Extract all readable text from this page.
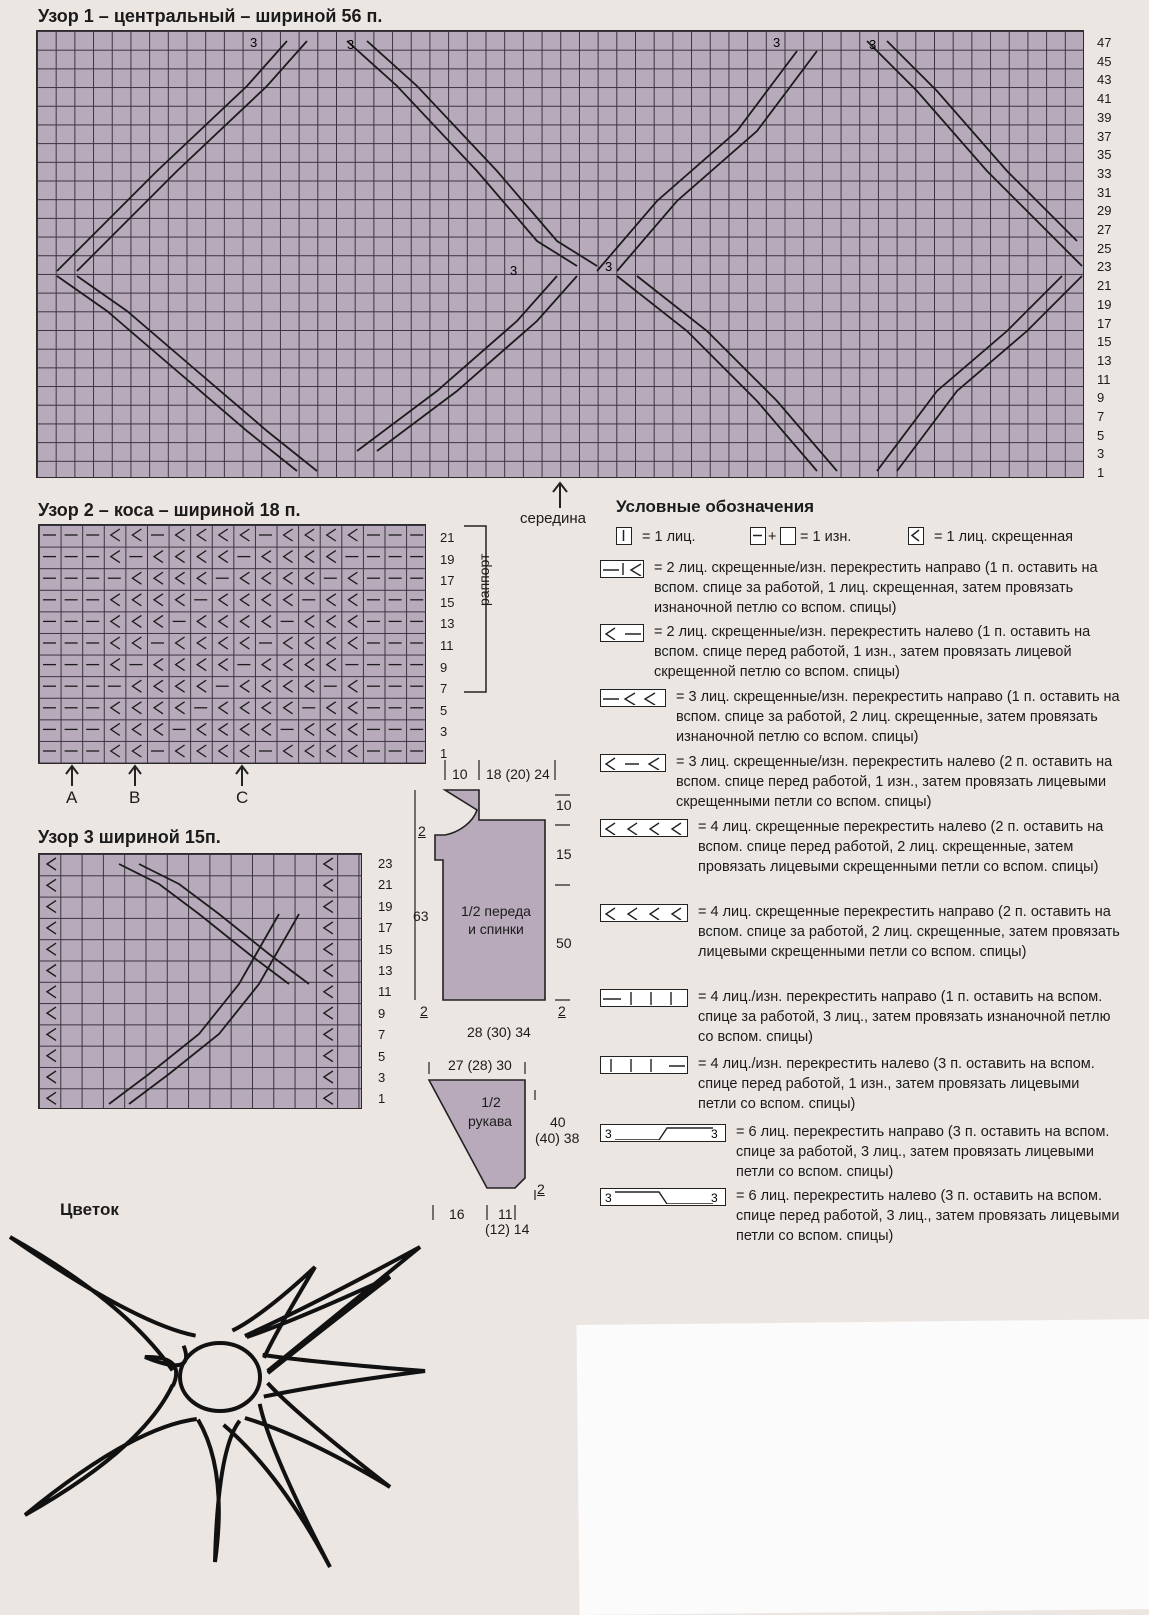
Узор 1 – центральный – шириной 56 п.
3	3	3	3
3	3
47
45
43
41
39
37
35
33
31
29
27
25
23
21
19
17
15
13
11
9
7
5
3
1
середина
Узор 2 – коса – шириной 18 п.
21
19
17
15
13
11
9
7
5
3
1
раппорт
A	B	C
Узор 3 шириной 15п.
23
21
19
17
15
13
11
9
7
5
3
1
10 18 (20) 24
10
15
50
63
2
2	2
28 (30) 34
1/2 переда
и спинки
27 (28) 30
1/2
рукава	40
(40) 38
2
16 11
(12) 14
Цветок
Условные обозначения
= 1 лиц.	+ = 1 изн.	= 1 лиц. скрещенная
= 2 лиц. скрещенные/изн. перекрестить направо (1 п. оставить на вспом. спице за работой, 1 лиц. скрещенная, затем провязать изнаночной петлю со вспом. спицы)
= 2 лиц. скрещенные/изн. перекрестить налево (1 п. оставить на вспом. спице перед работой, 1 изн., затем провязать лицевой скрещенной петлю со вспом. спицы)
= 3 лиц. скрещенные/изн. перекрестить направо (1 п. оставить на вспом. спице за работой, 2 лиц. скрещенные, затем провязать изнаночной петлю со вспом. спицы)
= 3 лиц. скрещенные/изн. перекрестить налево (2 п. оставить на вспом. спице перед работой, 1 изн., затем провязать лицевыми скрещенными петли со вспом. спицы)
= 4 лиц. скрещенные перекрестить налево (2 п. оставить на вспом. спице перед работой, 2 лиц. скрещенные, затем провязать лицевыми скрещенными петли со вспом. спицы)
= 4 лиц. скрещенные перекрестить направо (2 п. оставить на вспом. спице за работой, 2 лиц. скрещенные, затем провязать лицевыми скрещенными петли со вспом. спицы)
= 4 лиц./изн. перекрестить направо (1 п. оставить на вспом. спице за работой, 3 лиц., затем провязать изнаночной петлю со вспом. спицы)
= 4 лиц./изн. перекрестить налево (3 п. оставить на вспом. спице перед работой, 1 изн., затем провязать лицевыми петли со вспом. спицы)
3	3 = 6 лиц. перекрестить направо (3 п. оставить на вспом. спице за работой, 3 лиц., затем провязать лицевыми петли со вспом. спицы)
3	3 = 6 лиц. перекрестить налево (3 п. оставить на вспом. спице перед работой, 3 лиц., затем провязать лицевыми петли со вспом. спицы)
